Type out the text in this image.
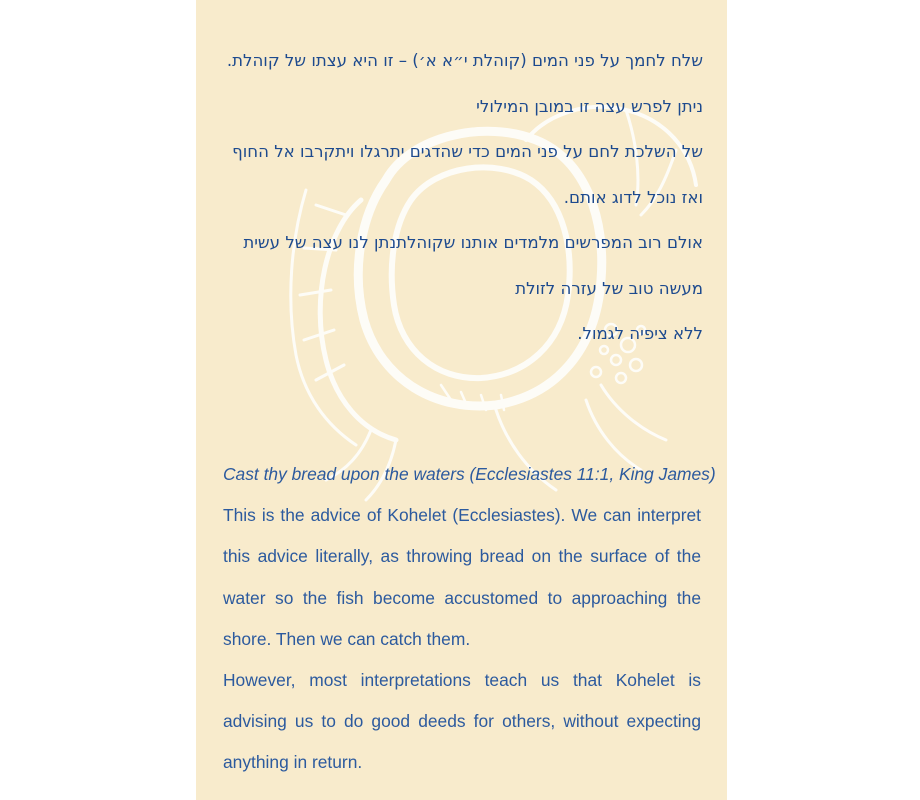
שלח לחמך על פני המים (קוהלת י״א א׳) – זו היא עצתו של קוהלת.
ניתן לפרש עצה זו במובן המילולי
של השלכת לחם על פני המים כדי שהדגים יתרגלו ויתקרבו אל החוף
ואז נוכל לדוג אותם.
אולם רוב המפרשים מלמדים אותנו שקוהלתנתן לנו עצה של עשית
מעשה טוב של עזרה לזולת
ללא ציפיה לגמול.
Cast thy bread upon the waters (Ecclesiastes 11:1, King James)

This is the advice of Kohelet (Ecclesiastes). We can interpret this advice literally, as throwing bread on the surface of the water so the fish become accustomed to approaching the shore. Then we can catch them.

However, most interpretations teach us that Kohelet is advising us to do good deeds for others, without expecting anything in return.
